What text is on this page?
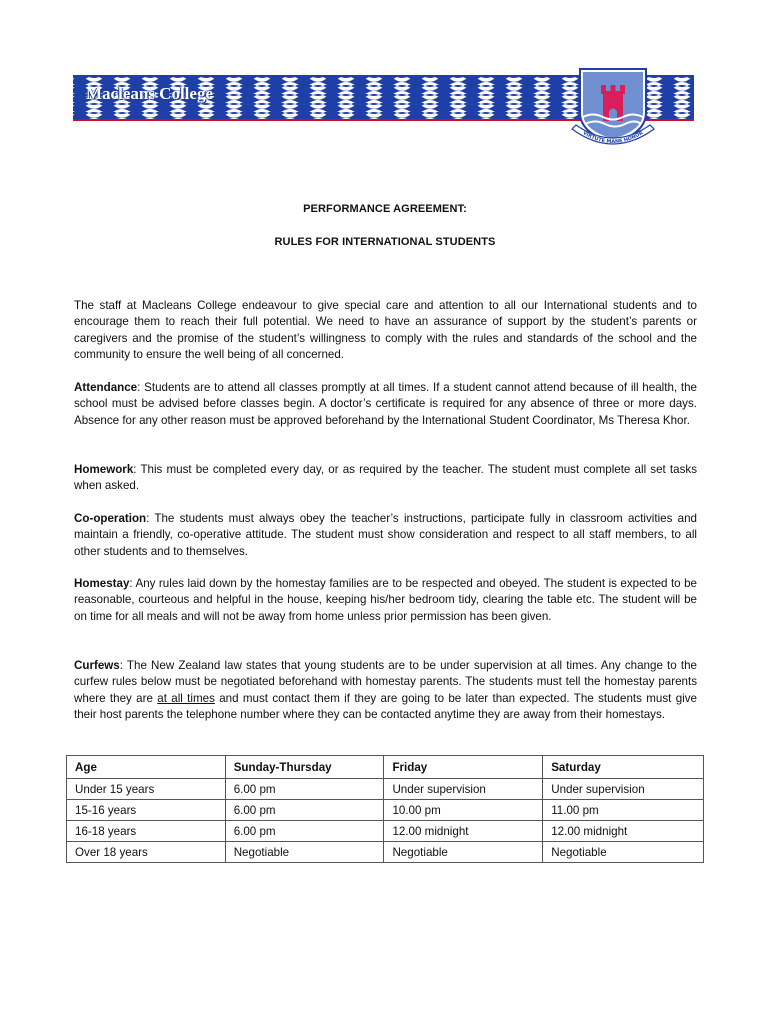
Macleans College
VIRTUTE MANE HONOR
PERFORMANCE AGREEMENT:
RULES FOR INTERNATIONAL STUDENTS
The staff at Macleans College endeavour to give special care and attention to all our International students and to encourage them to reach their full potential. We need to have an assurance of support by the student’s parents or caregivers and the promise of the student’s willingness to comply with the rules and standards of the school and the community to ensure the well being of all concerned.
Attendance: Students are to attend all classes promptly at all times. If a student cannot attend because of ill health, the school must be advised before classes begin. A doctor’s certificate is required for any absence of three or more days. Absence for any other reason must be approved beforehand by the International Student Coordinator, Ms Theresa Khor.
Homework: This must be completed every day, or as required by the teacher. The student must complete all set tasks when asked.
Co-operation: The students must always obey the teacher’s instructions, participate fully in classroom activities and maintain a friendly, co-operative attitude. The student must show consideration and respect to all staff members, to all other students and to themselves.
Homestay: Any rules laid down by the homestay families are to be respected and obeyed. The student is expected to be reasonable, courteous and helpful in the house, keeping his/her bedroom tidy, clearing the table etc. The student will be on time for all meals and will not be away from home unless prior permission has been given.
Curfews: The New Zealand law states that young students are to be under supervision at all times. Any change to the curfew rules below must be negotiated beforehand with homestay parents. The students must tell the homestay parents where they are at all times and must contact them if they are going to be later than expected. The students must give their host parents the telephone number where they can be contacted anytime they are away from their homestays.
Age	Sunday-Thursday	Friday	Saturday
Under 15 years	6.00 pm	Under supervision	Under supervision
15-16 years	6.00 pm	10.00 pm	11.00 pm
16-18 years	6.00 pm	12.00 midnight	12.00 midnight
Over 18 years	Negotiable	Negotiable	Negotiable
